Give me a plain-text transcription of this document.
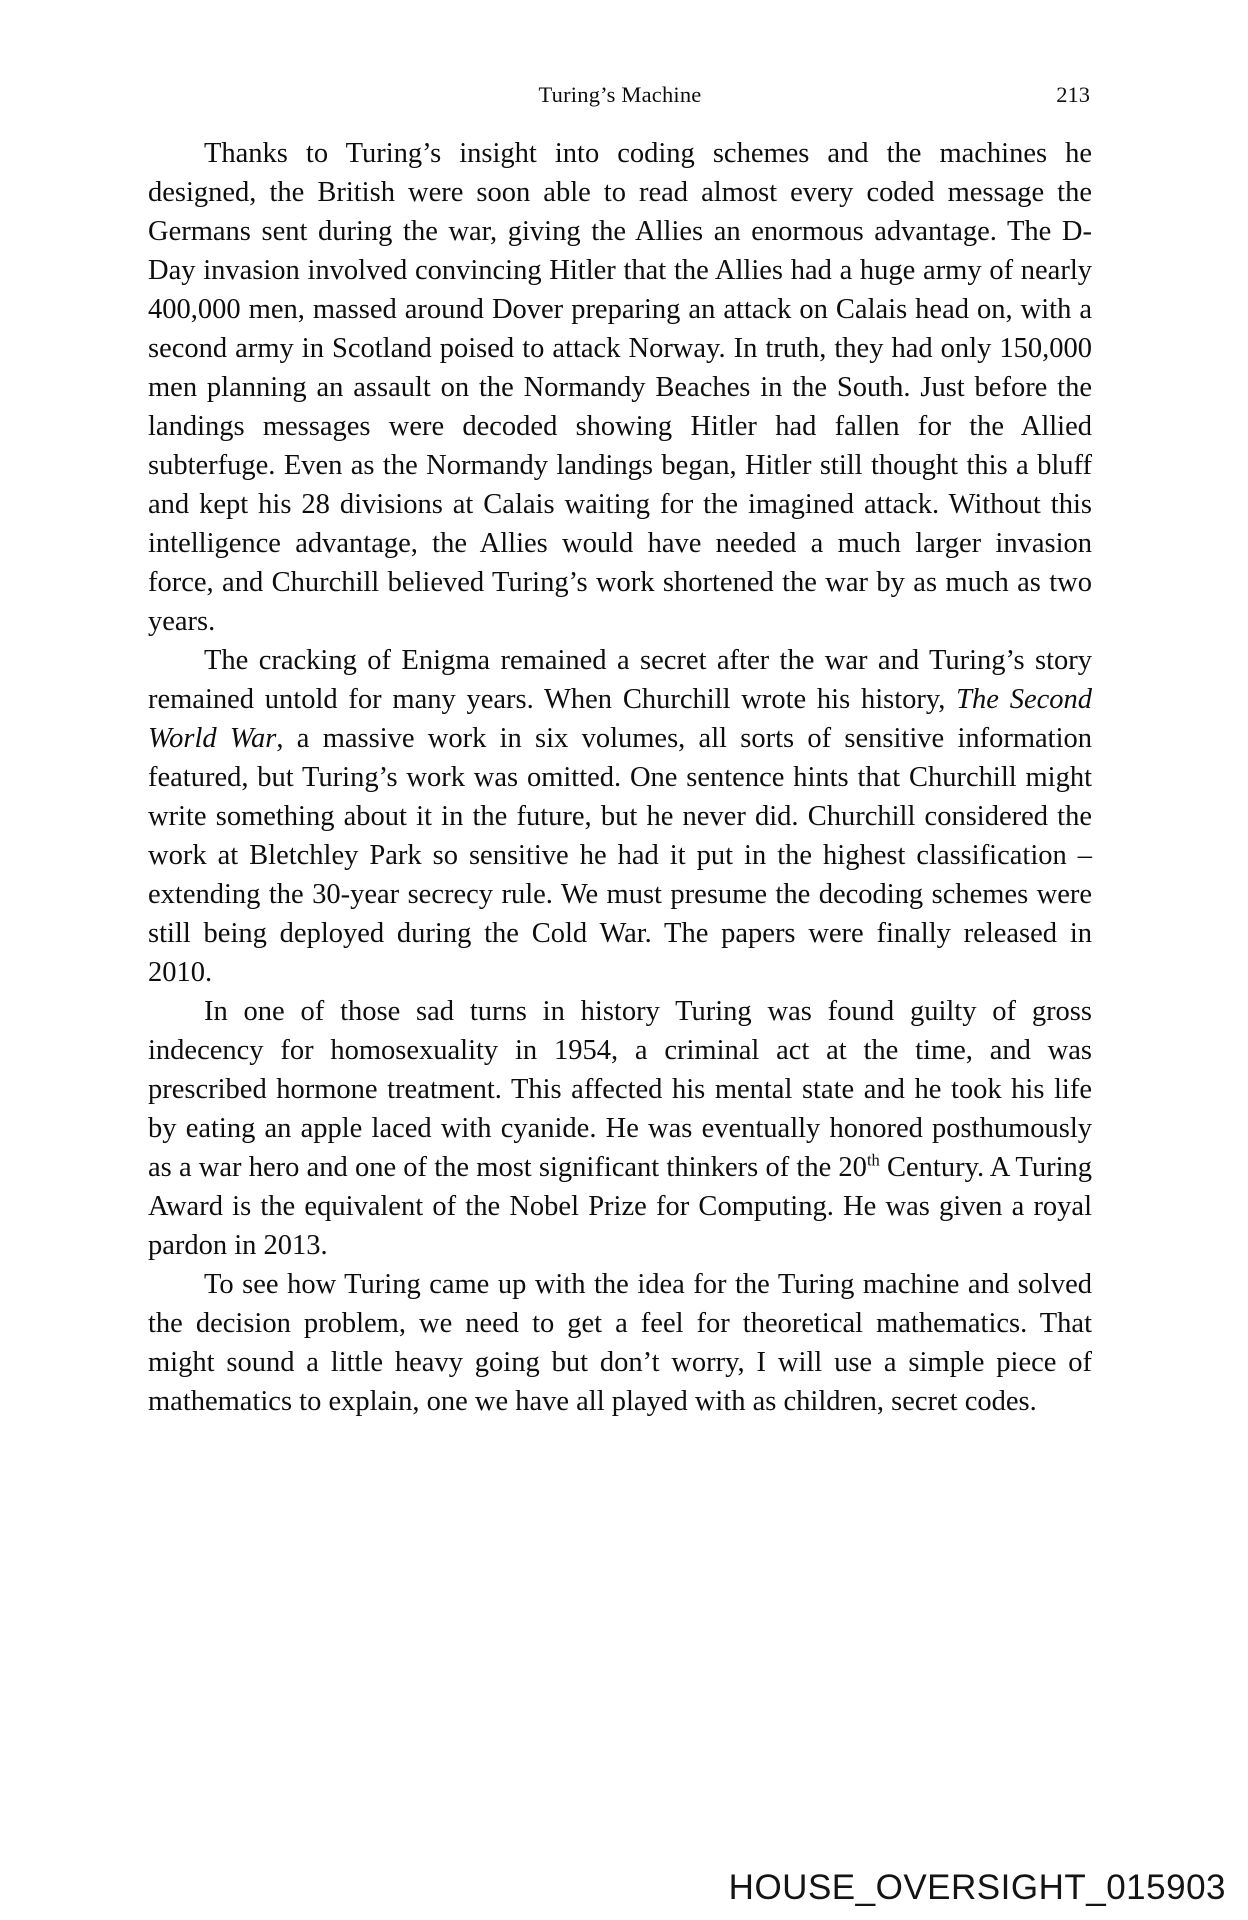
Turing’s Machine	213

Thanks to Turing’s insight into coding schemes and the machines he designed, the British were soon able to read almost every coded message the Germans sent during the war, giving the Allies an enormous advantage. The D-Day invasion involved convincing Hitler that the Allies had a huge army of nearly 400,000 men, massed around Dover preparing an attack on Calais head on, with a second army in Scotland poised to attack Norway. In truth, they had only 150,000 men planning an assault on the Normandy Beaches in the South. Just before the landings messages were decoded showing Hitler had fallen for the Allied subterfuge. Even as the Normandy landings began, Hitler still thought this a bluff and kept his 28 divisions at Calais waiting for the imagined attack. Without this intelligence advantage, the Allies would have needed a much larger invasion force, and Churchill believed Turing’s work shortened the war by as much as two years.

The cracking of Enigma remained a secret after the war and Turing’s story remained untold for many years. When Churchill wrote his history, The Second World War, a massive work in six volumes, all sorts of sensitive information featured, but Turing’s work was omitted. One sentence hints that Churchill might write something about it in the future, but he never did. Churchill considered the work at Bletchley Park so sensitive he had it put in the highest classification – extending the 30-year secrecy rule. We must presume the decoding schemes were still being deployed during the Cold War. The papers were finally released in 2010.

In one of those sad turns in history Turing was found guilty of gross indecency for homosexuality in 1954, a criminal act at the time, and was prescribed hormone treatment. This affected his mental state and he took his life by eating an apple laced with cyanide. He was eventually honored posthumously as a war hero and one of the most significant thinkers of the 20th Century. A Turing Award is the equivalent of the Nobel Prize for Computing. He was given a royal pardon in 2013.

To see how Turing came up with the idea for the Turing machine and solved the decision problem, we need to get a feel for theoretical mathematics. That might sound a little heavy going but don’t worry, I will use a simple piece of mathematics to explain, one we have all played with as children, secret codes.

HOUSE_OVERSIGHT_015903
